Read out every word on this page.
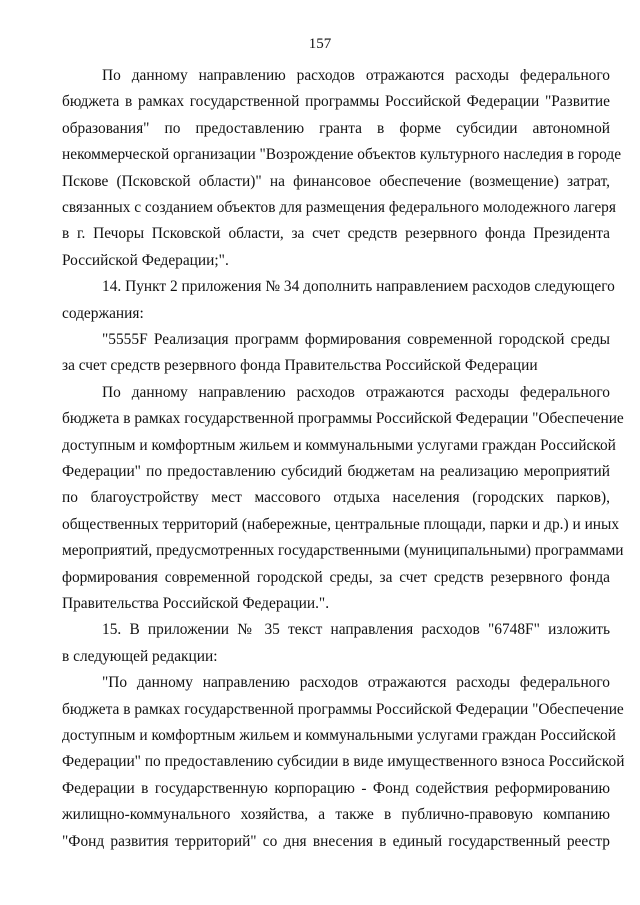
157
По данному направлению расходов отражаются расходы федерального
бюджета в рамках государственной программы Российской Федерации "Развитие
образования" по предоставлению гранта в форме субсидии автономной
некоммерческой организации "Возрождение объектов культурного наследия в городе
Пскове (Псковской области)" на финансовое обеспечение (возмещение) затрат,
связанных с созданием объектов для размещения федерального молодежного лагеря
в г. Печоры Псковской области, за счет средств резервного фонда Президента
Российской Федерации;".
14. Пункт 2 приложения № 34 дополнить направлением расходов следующего
содержания:
"5555F Реализация программ формирования современной городской среды
за счет средств резервного фонда Правительства Российской Федерации
По данному направлению расходов отражаются расходы федерального
бюджета в рамках государственной программы Российской Федерации "Обеспечение
доступным и комфортным жильем и коммунальными услугами граждан Российской
Федерации" по предоставлению субсидий бюджетам на реализацию мероприятий
по благоустройству мест массового отдыха населения (городских парков),
общественных территорий (набережные, центральные площади, парки и др.) и иных
мероприятий, предусмотренных государственными (муниципальными) программами
формирования современной городской среды, за счет средств резервного фонда
Правительства Российской Федерации.".
15. В приложении № 35 текст направления расходов "6748F" изложить
в следующей редакции:
"По данному направлению расходов отражаются расходы федерального
бюджета в рамках государственной программы Российской Федерации "Обеспечение
доступным и комфортным жильем и коммунальными услугами граждан Российской
Федерации" по предоставлению субсидии в виде имущественного взноса Российской
Федерации в государственную корпорацию - Фонд содействия реформированию
жилищно-коммунального хозяйства, а также в публично-правовую компанию
"Фонд развития территорий" со дня внесения в единый государственный реестр
